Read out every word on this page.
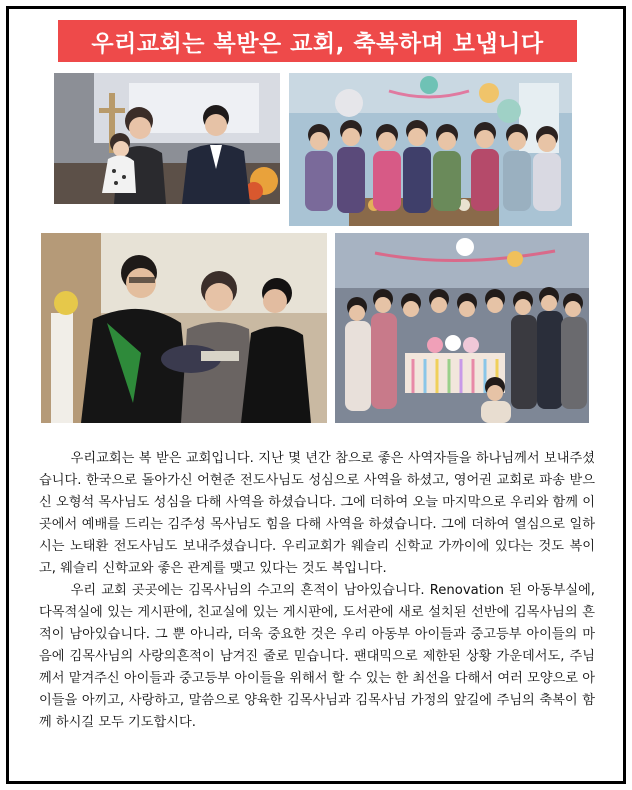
우리교회는 복받은 교회, 축복하며 보냅니다

우리교회는 복 받은 교회입니다. 지난 몇 년간 참으로 좋은 사역자들을 하나님께서 보내주셨습니다. 한국으로 돌아가신 어현준 전도사님도 성심으로 사역을 하셨고, 영어권 교회로 파송 받으신 오형석 목사님도 성심을 다해 사역을 하셨습니다. 그에 더하여 오늘 마지막으로 우리와 함께 이곳에서 예배를 드리는 김주성 목사님도 힘을 다해 사역을 하셨습니다. 그에 더하여 열심으로 일하시는 노태환 전도사님도 보내주셨습니다. 우리교회가 웨슬리 신학교 가까이에 있다는 것도 복이고, 웨슬리 신학교와 좋은 관계를 맺고 있다는 것도 복입니다.

우리 교회 곳곳에는 김목사님의 수고의 흔적이 남아있습니다. Renovation 된 아동부실에, 다목적실에 있는 게시판에, 친교실에 있는 게시판에, 도서관에 새로 설치된 선반에 김목사님의 흔적이 남아있습니다. 그 뿐 아니라, 더욱 중요한 것은 우리 아동부 아이들과 중고등부 아이들의 마음에 김목사님의 사랑의흔적이 남겨진 줄로 믿습니다. 팬대믹으로 제한된 상황 가운데서도, 주님께서 맡겨주신 아이들과 중고등부 아이들을 위해서 할 수 있는 한 최선을 다해서 여러 모양으로 아이들을 아끼고, 사랑하고, 말씀으로 양육한 김목사님과 김목사님 가정의 앞길에 주님의 축복이 함께 하시길 모두 기도합시다.
